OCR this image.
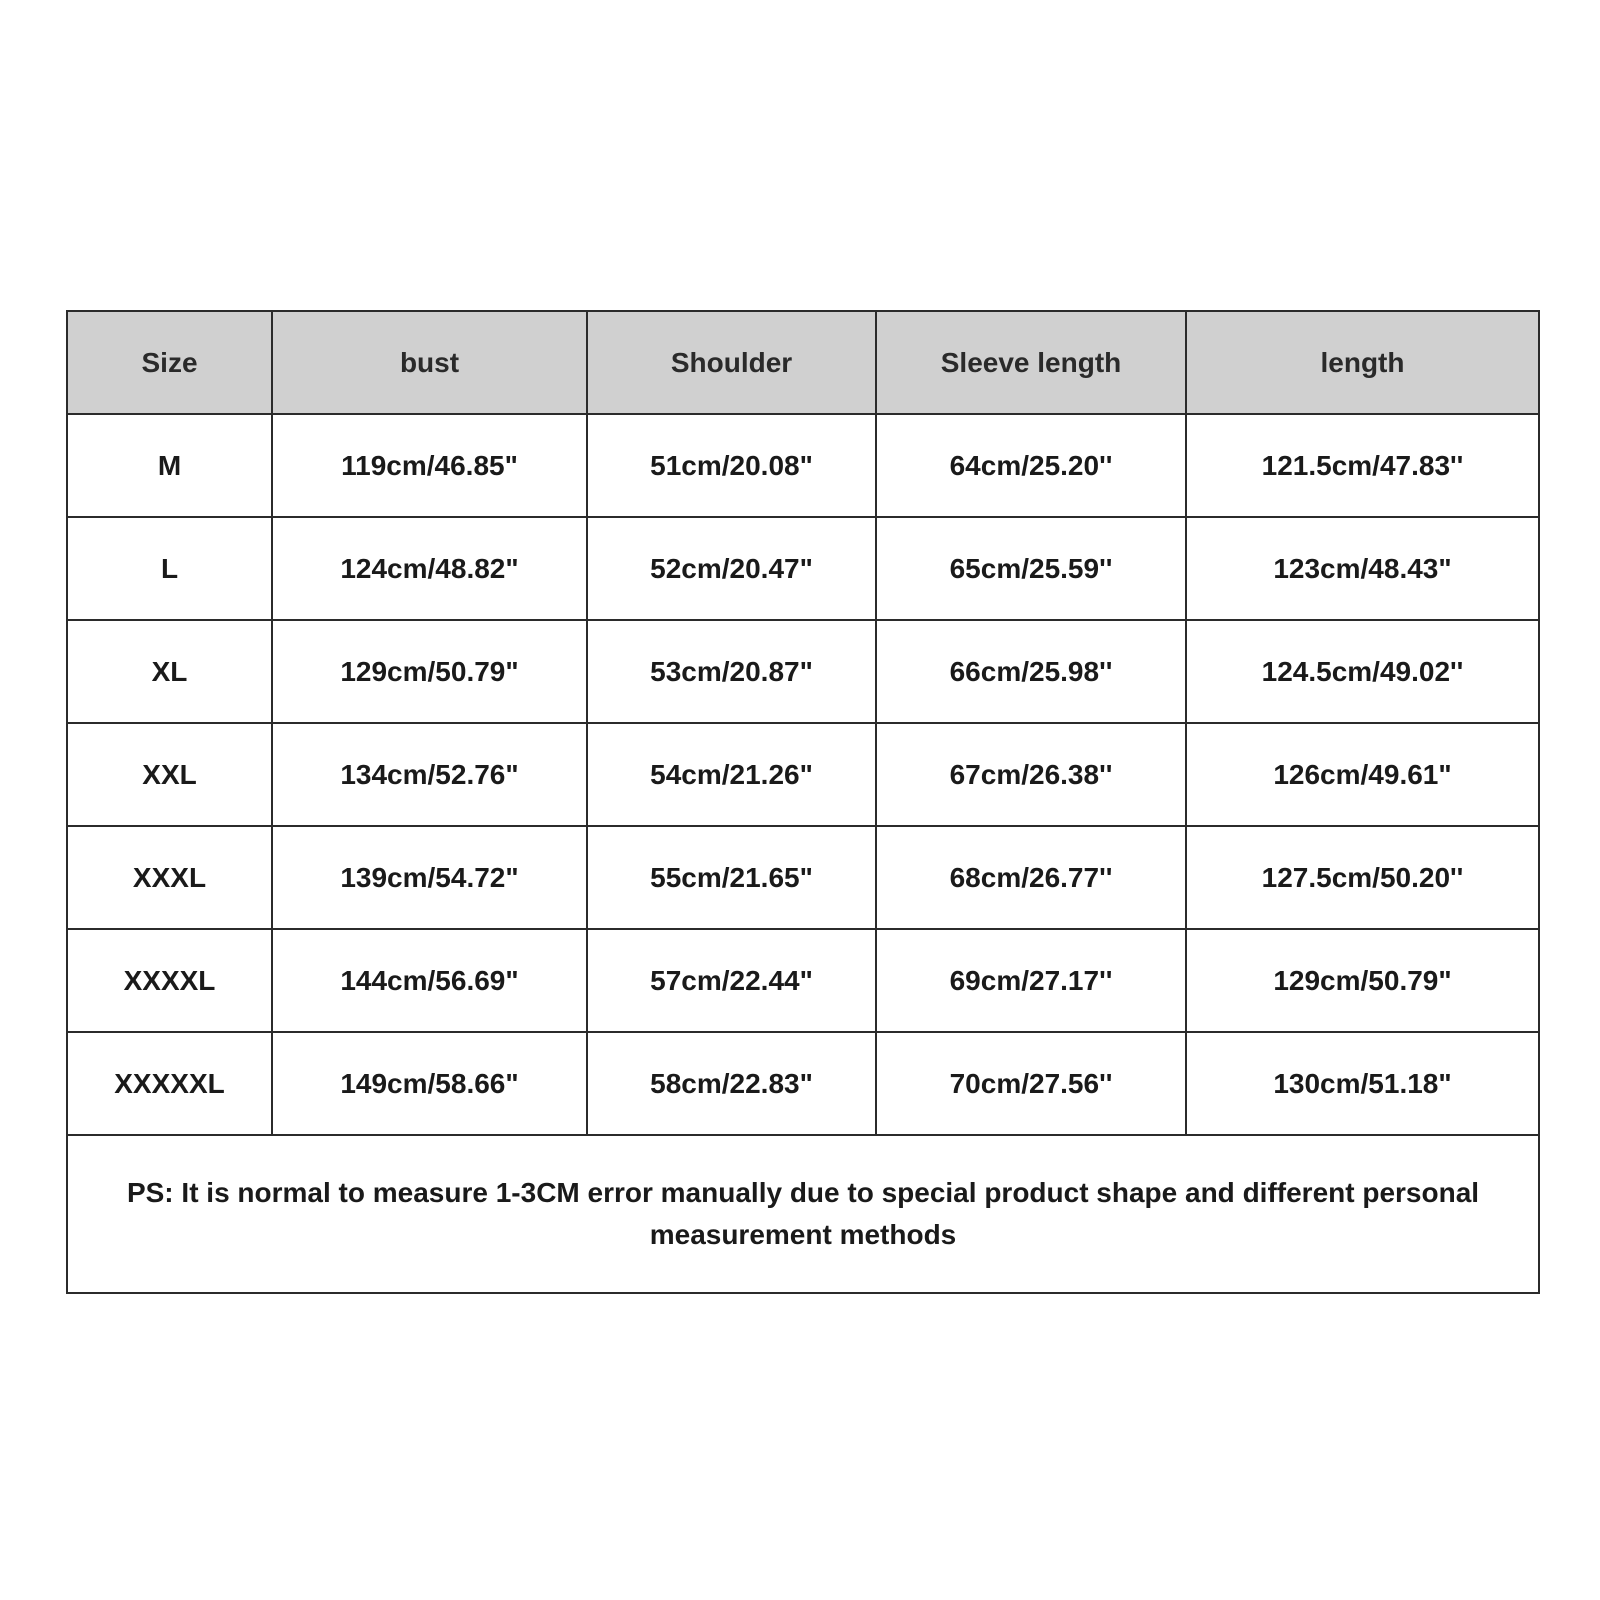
Size	bust	Shoulder	Sleeve length	length
M	119cm/46.85"	51cm/20.08"	64cm/25.20''	121.5cm/47.83''
L	124cm/48.82"	52cm/20.47"	65cm/25.59''	123cm/48.43"
XL	129cm/50.79"	53cm/20.87"	66cm/25.98''	124.5cm/49.02''
XXL	134cm/52.76"	54cm/21.26"	67cm/26.38''	126cm/49.61"
XXXL	139cm/54.72"	55cm/21.65"	68cm/26.77''	127.5cm/50.20''
XXXXL	144cm/56.69"	57cm/22.44"	69cm/27.17''	129cm/50.79"
XXXXXL	149cm/58.66"	58cm/22.83"	70cm/27.56''	130cm/51.18"
PS: It is normal to measure 1-3CM error manually due to special product shape and different personal measurement methods				
